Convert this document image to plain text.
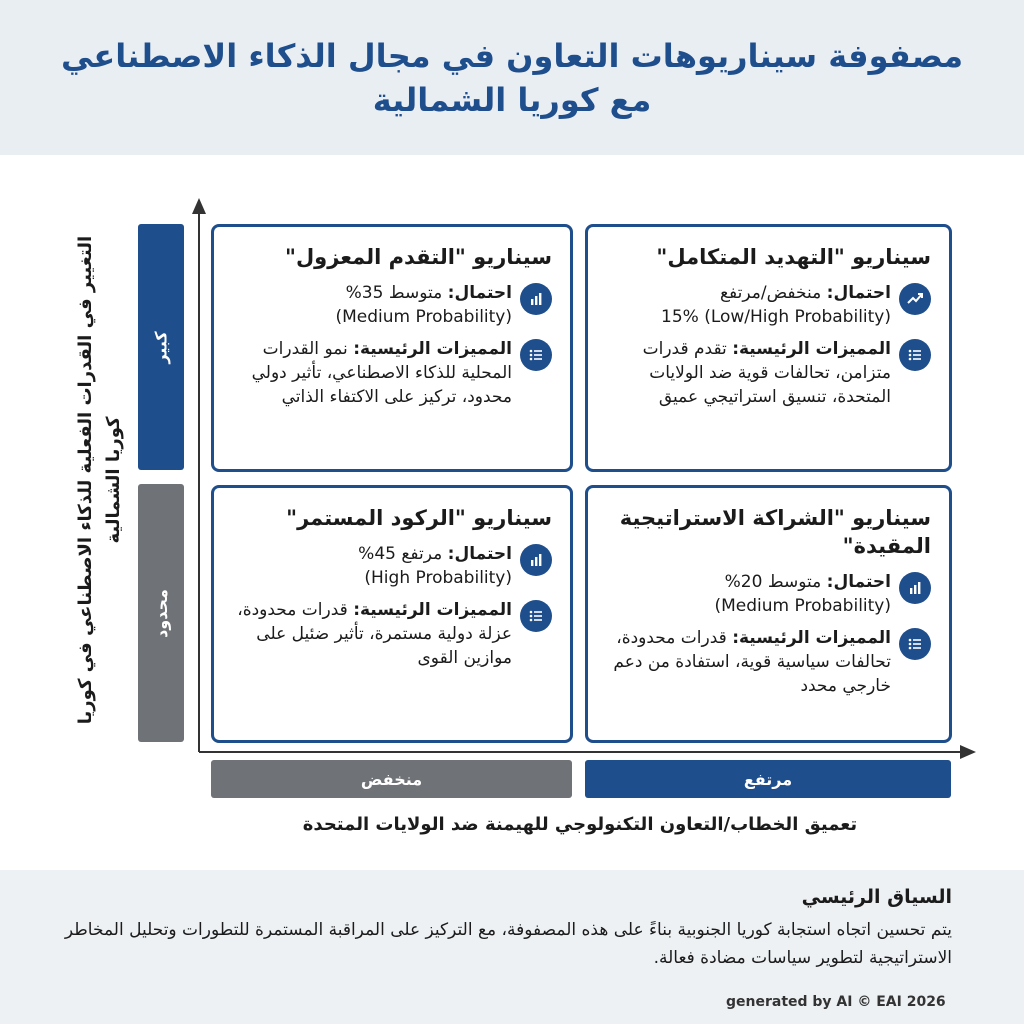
مصفوفة سيناريوهات التعاون في مجال الذكاء الاصطناعي
مع كوريا الشمالية
التغيير في القدرات الفعلية للذكاء الاصطناعي في كوريا كوريا الشمالية
كبير
محدود
سيناريو "التهديد المتكامل"
احتمال: منخفض/مرتفع
15% (Low/High Probability)
المميزات الرئيسية: تقدم قدرات متزامن، تحالفات قوية ضد الولايات المتحدة، تنسيق استراتيجي عميق
سيناريو "التقدم المعزول"
احتمال: متوسط 35%
(Medium Probability)
المميزات الرئيسية: نمو القدرات المحلية للذكاء الاصطناعي، تأثير دولي محدود، تركيز على الاكتفاء الذاتي
سيناريو "الشراكة الاستراتيجية المقيدة"
احتمال: متوسط 20%
(Medium Probability)
المميزات الرئيسية: قدرات محدودة، تحالفات سياسية قوية، استفادة من دعم خارجي محدد
سيناريو "الركود المستمر"
احتمال: مرتفع 45%
(High Probability)
المميزات الرئيسية: قدرات محدودة، عزلة دولية مستمرة، تأثير ضئيل على موازين القوى
منخفض	مرتفع
تعميق الخطاب/التعاون التكنولوجي للهيمنة ضد الولايات المتحدة
السياق الرئيسي
يتم تحسين اتجاه استجابة كوريا الجنوبية بناءً على هذه المصفوفة، مع التركيز على المراقبة المستمرة للتطورات وتحليل المخاطر الاستراتيجية لتطوير سياسات مضادة فعالة.
generated by AI © EAI 2026
